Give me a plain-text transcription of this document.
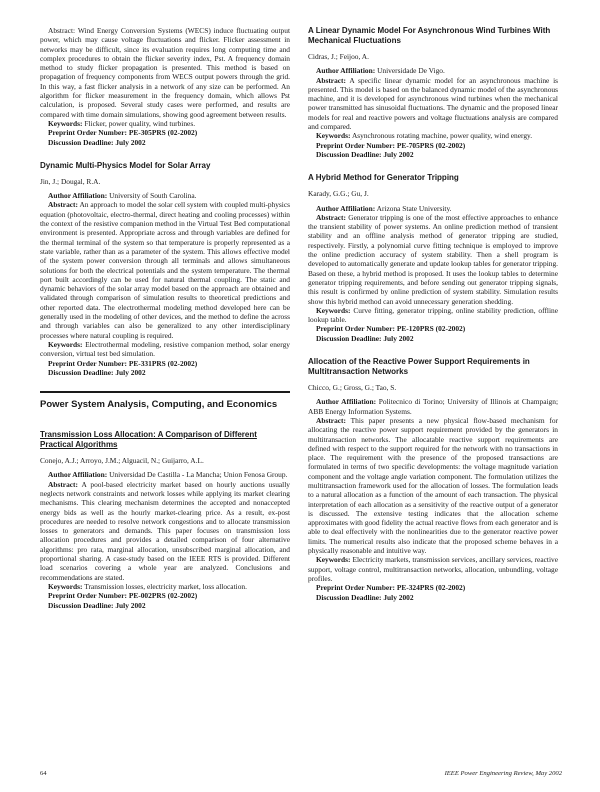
Abstract: Wind Energy Conversion Systems (WECS) induce fluctuating output power, which may cause voltage fluctuations and flicker. Flicker assessment in networks may be difficult, since its evaluation requires long computing time and complex procedures to obtain the flicker severity index, Pst. A frequency domain method to study flicker propagation is presented. This method is based on propagation of frequency components from WECS output powers through the grid. In this way, a fast flicker analysis in a network of any size can be performed. An algorithm for flicker measurement in the frequency domain, which allows Pst calculation, is proposed. Several study cases were performed, and results are compared with time domain simulations, showing good agreement between results.

Keywords: Flicker, power quality, wind turbines.

Preprint Order Number: PE-305PRS (02-2002)

Discussion Deadline: July 2002

Dynamic Multi-Physics Model for Solar Array
Jin, J.; Dougal, R.A.

Author Affiliation: University of South Carolina.

Abstract: An approach to model the solar cell system with coupled multi-physics equation (photovoltaic, electro-thermal, direct heating and cooling processes) within the context of the resistive companion method in the Virtual Test Bed computational environment is presented. Appropriate across and through variables are defined for the thermal terminal of the system so that temperature is properly represented as a state variable, rather than as a parameter of the system. This allows effective model of the system power conversion through all terminals and allows simultaneous solutions for both the electrical potentials and the system temperature. The thermal port built accordingly can be used for natural thermal coupling. The static and dynamic behaviors of the solar array model based on the approach are obtained and validated through comparison of simulation results to theoretical predictions and other reported data. The electrothermal modeling method developed here can be generally used in the modeling of other devices, and the method to define the across and through variables can also be generalized to any other interdisciplinary processes where natural coupling is required.

Keywords: Electrothermal modeling, resistive companion method, solar energy conversion, virtual test bed simulation.

Preprint Order Number: PE-331PRS (02-2002)

Discussion Deadline: July 2002

Power System Analysis, Computing, and Economics
Transmission Loss Allocation: A Comparison of Different Practical Algorithms
Conejo, A.J.; Arroyo, J.M.; Alguacil, N.; Guijarro, A.L.

Author Affiliation: Universidad De Castilla - La Mancha; Union Fenosa Group.

Abstract: A pool-based electricity market based on hourly auctions usually neglects network constraints and network losses while applying its market clearing mechanisms. This clearing mechanism determines the accepted and nonaccepted energy bids as well as the hourly market-clearing price. As a result, ex-post procedures are needed to resolve network congestions and to allocate transmission losses to generators and demands. This paper focuses on transmission loss allocation procedures and provides a detailed comparison of four alternative algorithms: pro rata, marginal allocation, unsubscribed marginal allocation, and proportional sharing. A case-study based on the IEEE RTS is provided. Different load scenarios covering a whole year are analyzed. Conclusions and recommendations are stated.

Keywords: Transmission losses, electricity market, loss allocation.

Preprint Order Number: PE-002PRS (02-2002)

Discussion Deadline: July 2002

A Linear Dynamic Model For Asynchronous Wind Turbines With Mechanical Fluctuations
Cidras, J.; Feijoo, A.

Author Affiliation: Universidade De Vigo.

Abstract: A specific linear dynamic model for an asynchronous machine is presented. This model is based on the balanced dynamic model of the asynchronous machine, and it is developed for asynchronous wind turbines when the mechanical power transmitted has sinusoidal fluctuations. The dynamic and the proposed linear models for real and reactive powers and voltage fluctuations analysis are compared and compared.

Keywords: Asynchronous rotating machine, power quality, wind energy.

Preprint Order Number: PE-705PRS (02-2002)

Discussion Deadline: July 2002

A Hybrid Method for Generator Tripping
Karady, G.G.; Gu, J.

Author Affiliation: Arizona State University.

Abstract: Generator tripping is one of the most effective approaches to enhance the transient stability of power systems. An online prediction method of transient stability and an offline analysis method of generator tripping are studied, respectively. Firstly, a polynomial curve fitting technique is employed to improve the online prediction accuracy of system stability. Then a shell program is developed to automatically generate and update lookup tables for generator tripping. Based on these, a hybrid method is proposed. It uses the lookup tables to determine generator tripping requirements, and before sending out generator tripping signals, this result is confirmed by online prediction of system stability. Simulation results show this hybrid method can avoid unnecessary generation shedding.

Keywords: Curve fitting, generator tripping, online stability prediction, offline lookup table.

Preprint Order Number: PE-120PRS (02-2002)

Discussion Deadline: July 2002

Allocation of the Reactive Power Support Requirements in Multitransaction Networks
Chicco, G.; Gross, G.; Tao, S.

Author Affiliation: Politecnico di Torino; University of Illinois at Champaign; ABB Energy Information Systems.

Abstract: This paper presents a new physical flow-based mechanism for allocating the reactive power support requirement provided by the generators in multitransaction networks. The allocatable reactive support requirements are defined with respect to the support required for the network with no transactions in place. The requirement with the presence of the proposed transactions are formulated in terms of two specific developments: the voltage magnitude variation component and the voltage angle variation component. The formulation utilizes the multitransaction framework used for the allocation of losses. The formulation leads to a natural allocation as a function of the amount of each transaction. The physical interpretation of each allocation as a sensitivity of the reactive output of a generator is discussed. The extensive testing indicates that the allocation scheme approximates with good fidelity the actual reactive flows from each generator and is able to deal effectively with the nonlinearities due to the generator reactive power limits. The numerical results also indicate that the proposed scheme behaves in a physically reasonable and intuitive way.

Keywords: Electricity markets, transmission services, ancillary services, reactive support, voltage control, multitransaction networks, allocation, unbundling, voltage profiles.

Preprint Order Number: PE-324PRS (02-2002)

Discussion Deadline: July 2002

64	IEEE Power Engineering Review, May 2002
